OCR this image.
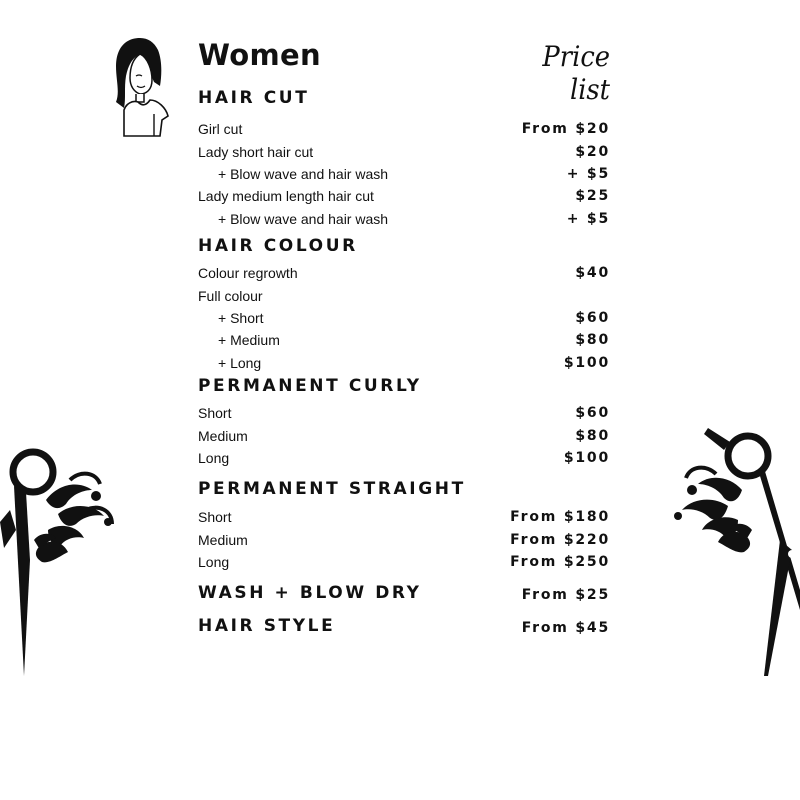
Women	Price list
HAIR CUT
Girl cut	From $20
Lady short hair cut	$20
+ Blow wave and hair wash	+ $5
Lady medium length hair cut	$25
+ Blow wave and hair wash	+ $5
HAIR COLOUR
Colour regrowth	$40
Full colour
+ Short	$60
+ Medium	$80
+ Long	$100
PERMANENT CURLY
Short	$60
Medium	$80
Long	$100
PERMANENT STRAIGHT
Short	From $180
Medium	From $220
Long	From $250
WASH + BLOW DRY	From $25
HAIR STYLE	From $45
